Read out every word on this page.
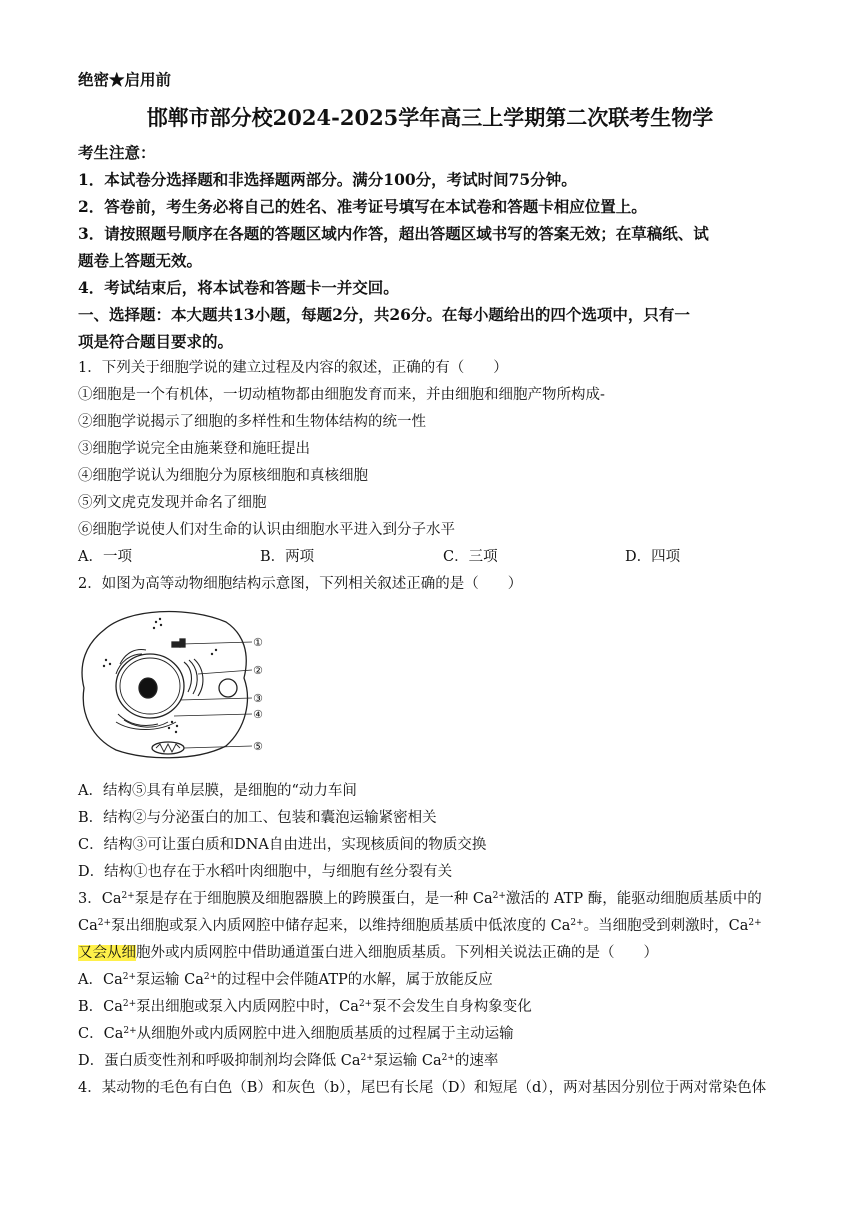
绝密★启用前
邯郸市部分校2024-2025学年高三上学期第二次联考生物学
考生注意：
1．本试卷分选择题和非选择题两部分。满分100分，考试时间75分钟。
2．答卷前，考生务必将自己的姓名、准考证号填写在本试卷和答题卡相应位置上。
3．请按照题号顺序在各题的答题区域内作答，超出答题区域书写的答案无效；在草稿纸、试
题卷上答题无效。
4．考试结束后，将本试卷和答题卡一并交回。
一、选择题：本大题共13小题，每题2分，共26分。在每小题给出的四个选项中，只有一
项是符合题目要求的。
1．下列关于细胞学说的建立过程及内容的叙述，正确的有（　　）
①细胞是一个有机体，一切动植物都由细胞发育而来，并由细胞和细胞产物所构成-
②细胞学说揭示了细胞的多样性和生物体结构的统一性
③细胞学说完全由施莱登和施旺提出
④细胞学说认为细胞分为原核细胞和真核细胞
⑤列文虎克发现并命名了细胞
⑥细胞学说使人们对生命的认识由细胞水平进入到分子水平
A．一项	B．两项	C．三项	D．四项
2．如图为高等动物细胞结构示意图，下列相关叙述正确的是（　　）
①
②
③
④
⑤
A．结构⑤具有单层膜，是细胞的“动力车间
B．结构②与分泌蛋白的加工、包装和囊泡运输紧密相关
C．结构③可让蛋白质和DNA自由进出，实现核质间的物质交换
D．结构①也存在于水稻叶肉细胞中，与细胞有丝分裂有关
3．$Ca^{2+}$泵是存在于细胞膜及细胞器膜上的跨膜蛋白，是一种 $Ca^{2+}$激活的 ATP 酶，能驱动细胞质基质中的
$Ca^{2+}$泵出细胞或泵入内质网腔中储存起来，以维持细胞质基质中低浓度的 $Ca^{2+}$。当细胞受到刺激时，$Ca^{2+}$
又会从细胞外或内质网腔中借助通道蛋白进入细胞质基质。下列相关说法正确的是（　　）
A．$Ca^{2+}$泵运输 $Ca^{2+}$的过程中会伴随ATP的水解，属于放能反应
B．$Ca^{2+}$泵出细胞或泵入内质网腔中时，$Ca^{2+}$泵不会发生自身构象变化
C．$Ca^{2+}$从细胞外或内质网腔中进入细胞质基质的过程属于主动运输
D．蛋白质变性剂和呼吸抑制剂均会降低 $Ca^{2+}$泵运输 $Ca^{2+}$的速率
4．某动物的毛色有白色（B）和灰色（b），尾巴有长尾（D）和短尾（d），两对基因分别位于两对常染色体
